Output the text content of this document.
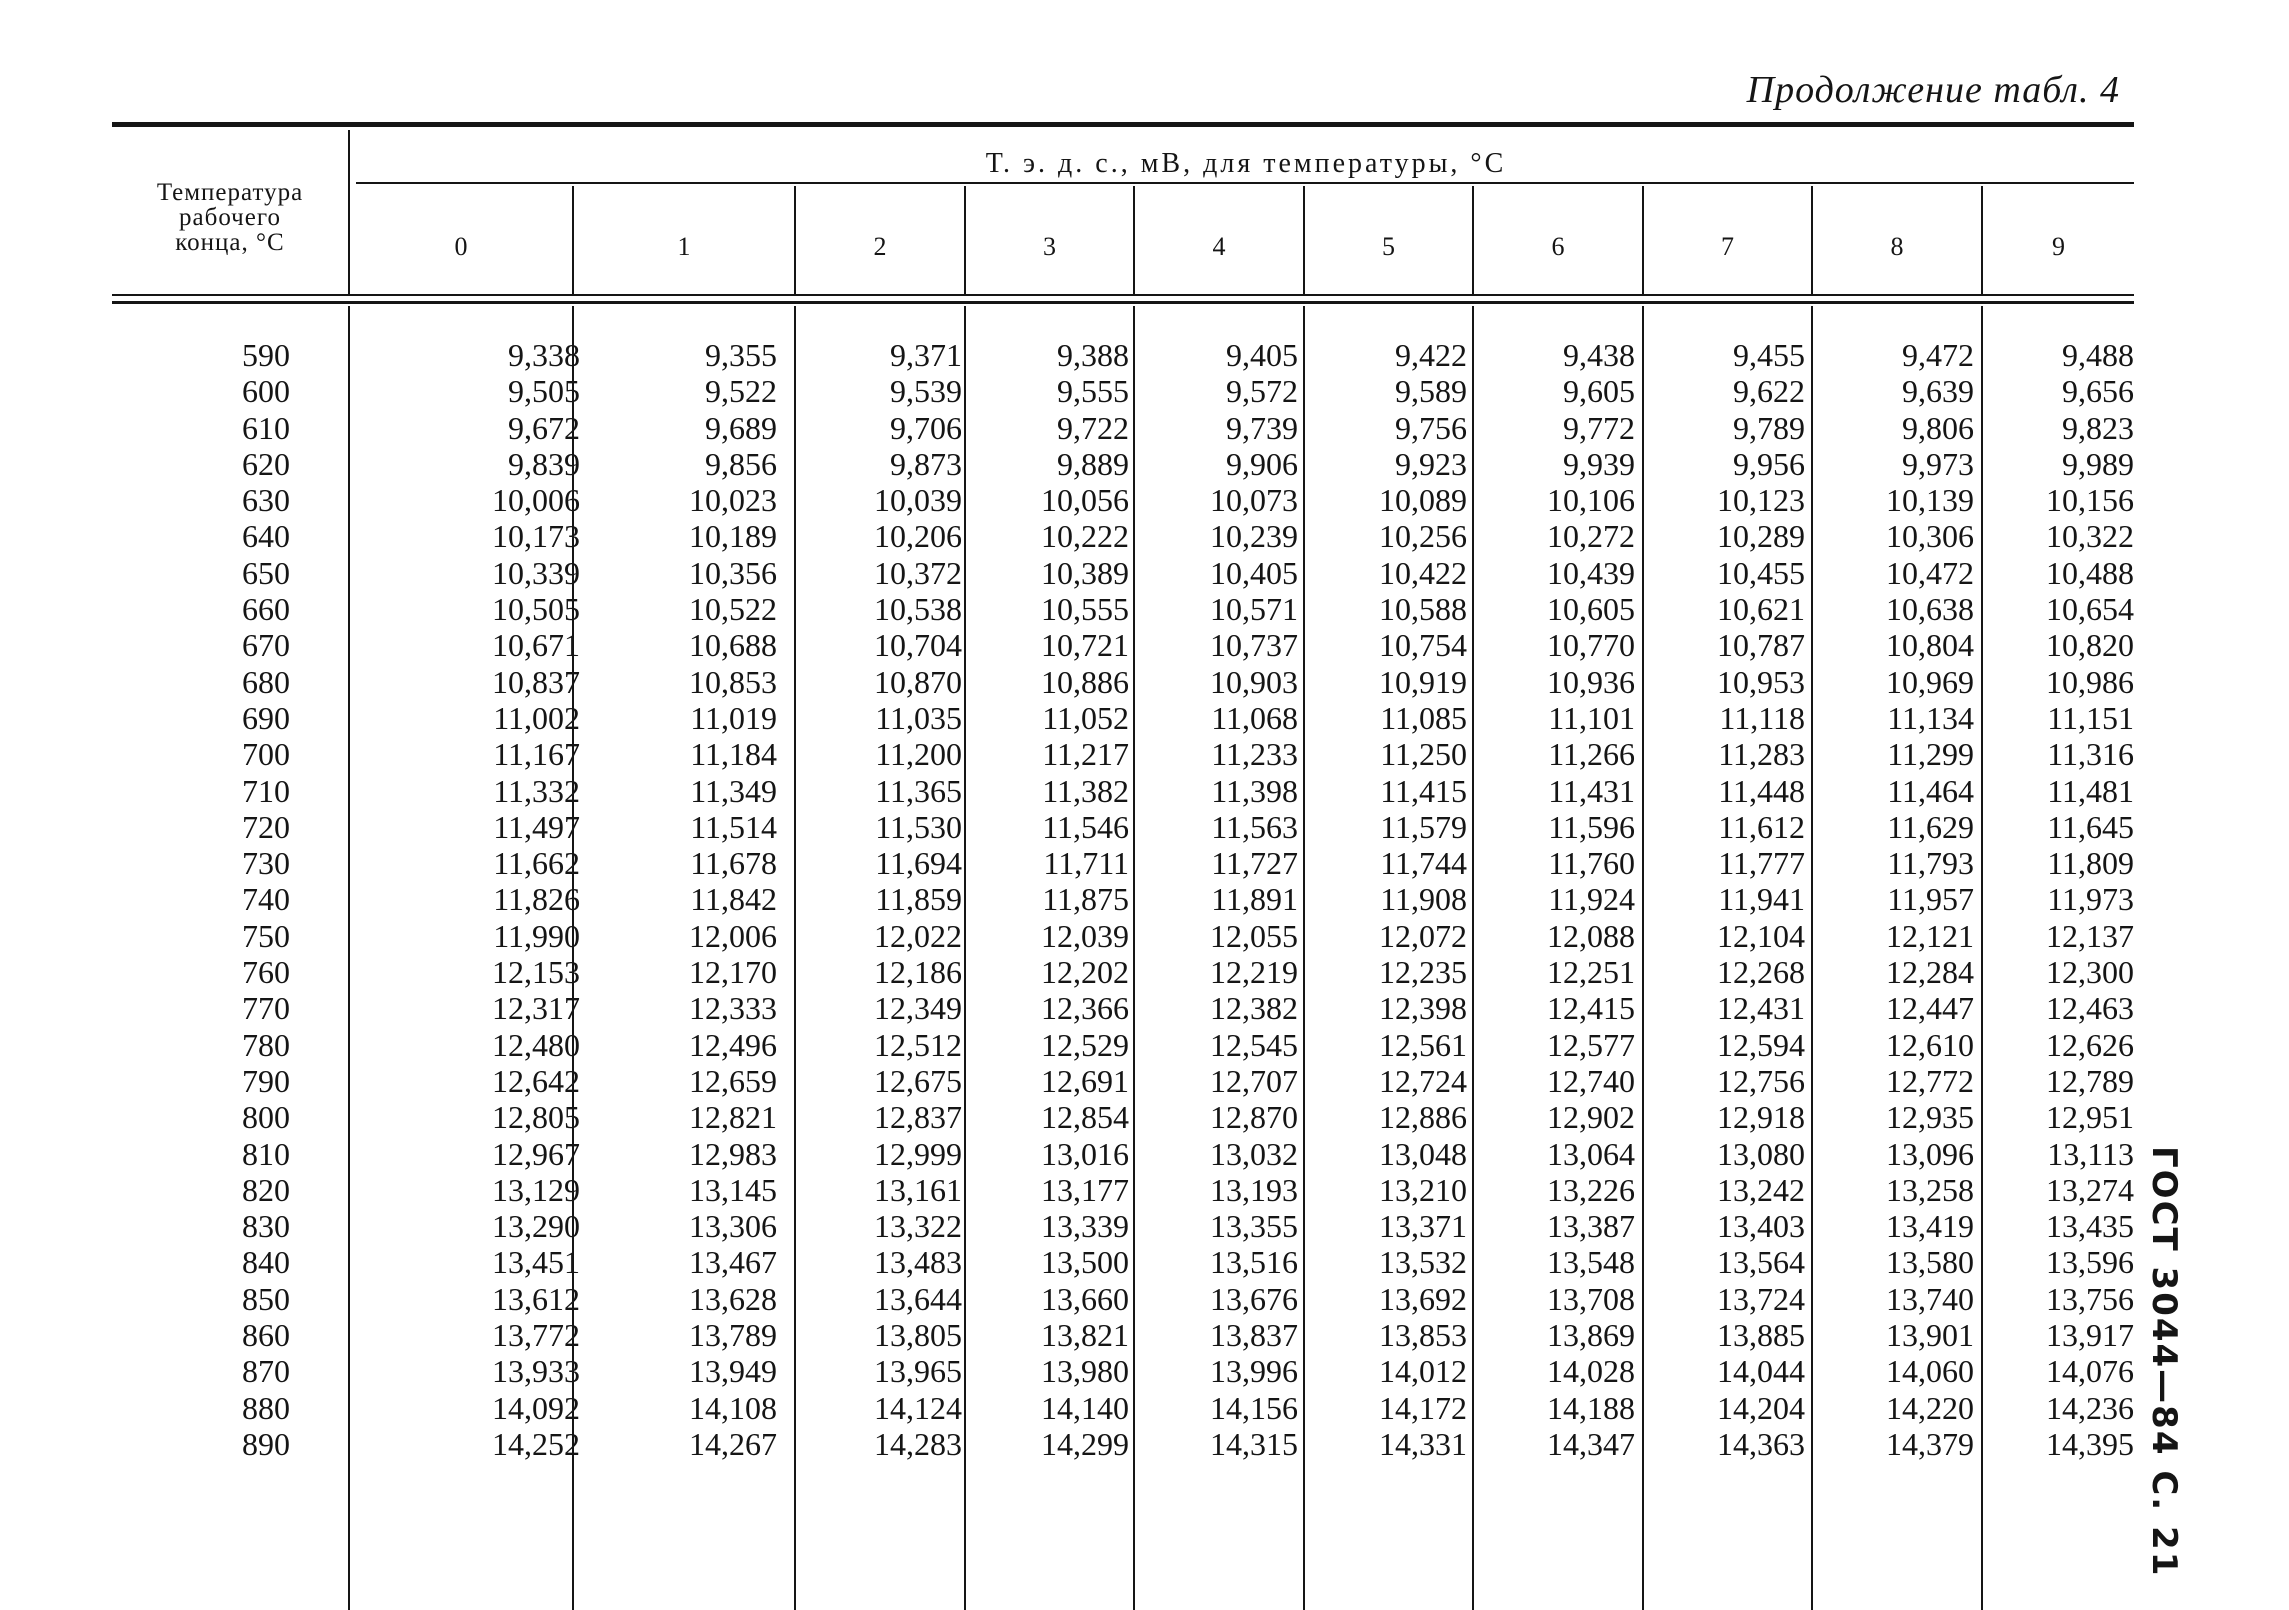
Продолжение табл. 4
Температура
рабочего
конца, °С
Т. э. д. с., мВ, для температуры, °С
0	1	2	3	4	5	6	7	8	9
590	9,338	9,355	9,371	9,388	9,405	9,422	9,438	9,455	9,472	9,488
600	9,505	9,522	9,539	9,555	9,572	9,589	9,605	9,622	9,639	9,656
610	9,672	9,689	9,706	9,722	9,739	9,756	9,772	9,789	9,806	9,823
620	9,839	9,856	9,873	9,889	9,906	9,923	9,939	9,956	9,973	9,989
630	10,006	10,023	10,039	10,056	10,073	10,089	10,106	10,123	10,139	10,156
640	10,173	10,189	10,206	10,222	10,239	10,256	10,272	10,289	10,306	10,322
650	10,339	10,356	10,372	10,389	10,405	10,422	10,439	10,455	10,472	10,488
660	10,505	10,522	10,538	10,555	10,571	10,588	10,605	10,621	10,638	10,654
670	10,671	10,688	10,704	10,721	10,737	10,754	10,770	10,787	10,804	10,820
680	10,837	10,853	10,870	10,886	10,903	10,919	10,936	10,953	10,969	10,986
690	11,002	11,019	11,035	11,052	11,068	11,085	11,101	11,118	11,134	11,151
700	11,167	11,184	11,200	11,217	11,233	11,250	11,266	11,283	11,299	11,316
710	11,332	11,349	11,365	11,382	11,398	11,415	11,431	11,448	11,464	11,481
720	11,497	11,514	11,530	11,546	11,563	11,579	11,596	11,612	11,629	11,645
730	11,662	11,678	11,694	11,711	11,727	11,744	11,760	11,777	11,793	11,809
740	11,826	11,842	11,859	11,875	11,891	11,908	11,924	11,941	11,957	11,973
750	11,990	12,006	12,022	12,039	12,055	12,072	12,088	12,104	12,121	12,137
760	12,153	12,170	12,186	12,202	12,219	12,235	12,251	12,268	12,284	12,300
770	12,317	12,333	12,349	12,366	12,382	12,398	12,415	12,431	12,447	12,463
780	12,480	12,496	12,512	12,529	12,545	12,561	12,577	12,594	12,610	12,626
790	12,642	12,659	12,675	12,691	12,707	12,724	12,740	12,756	12,772	12,789
800	12,805	12,821	12,837	12,854	12,870	12,886	12,902	12,918	12,935	12,951
810	12,967	12,983	12,999	13,016	13,032	13,048	13,064	13,080	13,096	13,113
820	13,129	13,145	13,161	13,177	13,193	13,210	13,226	13,242	13,258	13,274
830	13,290	13,306	13,322	13,339	13,355	13,371	13,387	13,403	13,419	13,435
840	13,451	13,467	13,483	13,500	13,516	13,532	13,548	13,564	13,580	13,596
850	13,612	13,628	13,644	13,660	13,676	13,692	13,708	13,724	13,740	13,756
860	13,772	13,789	13,805	13,821	13,837	13,853	13,869	13,885	13,901	13,917
870	13,933	13,949	13,965	13,980	13,996	14,012	14,028	14,044	14,060	14,076
880	14,092	14,108	14,124	14,140	14,156	14,172	14,188	14,204	14,220	14,236
890	14,252	14,267	14,283	14,299	14,315	14,331	14,347	14,363	14,379	14,395 ГОСТ 3044—84 С. 21
